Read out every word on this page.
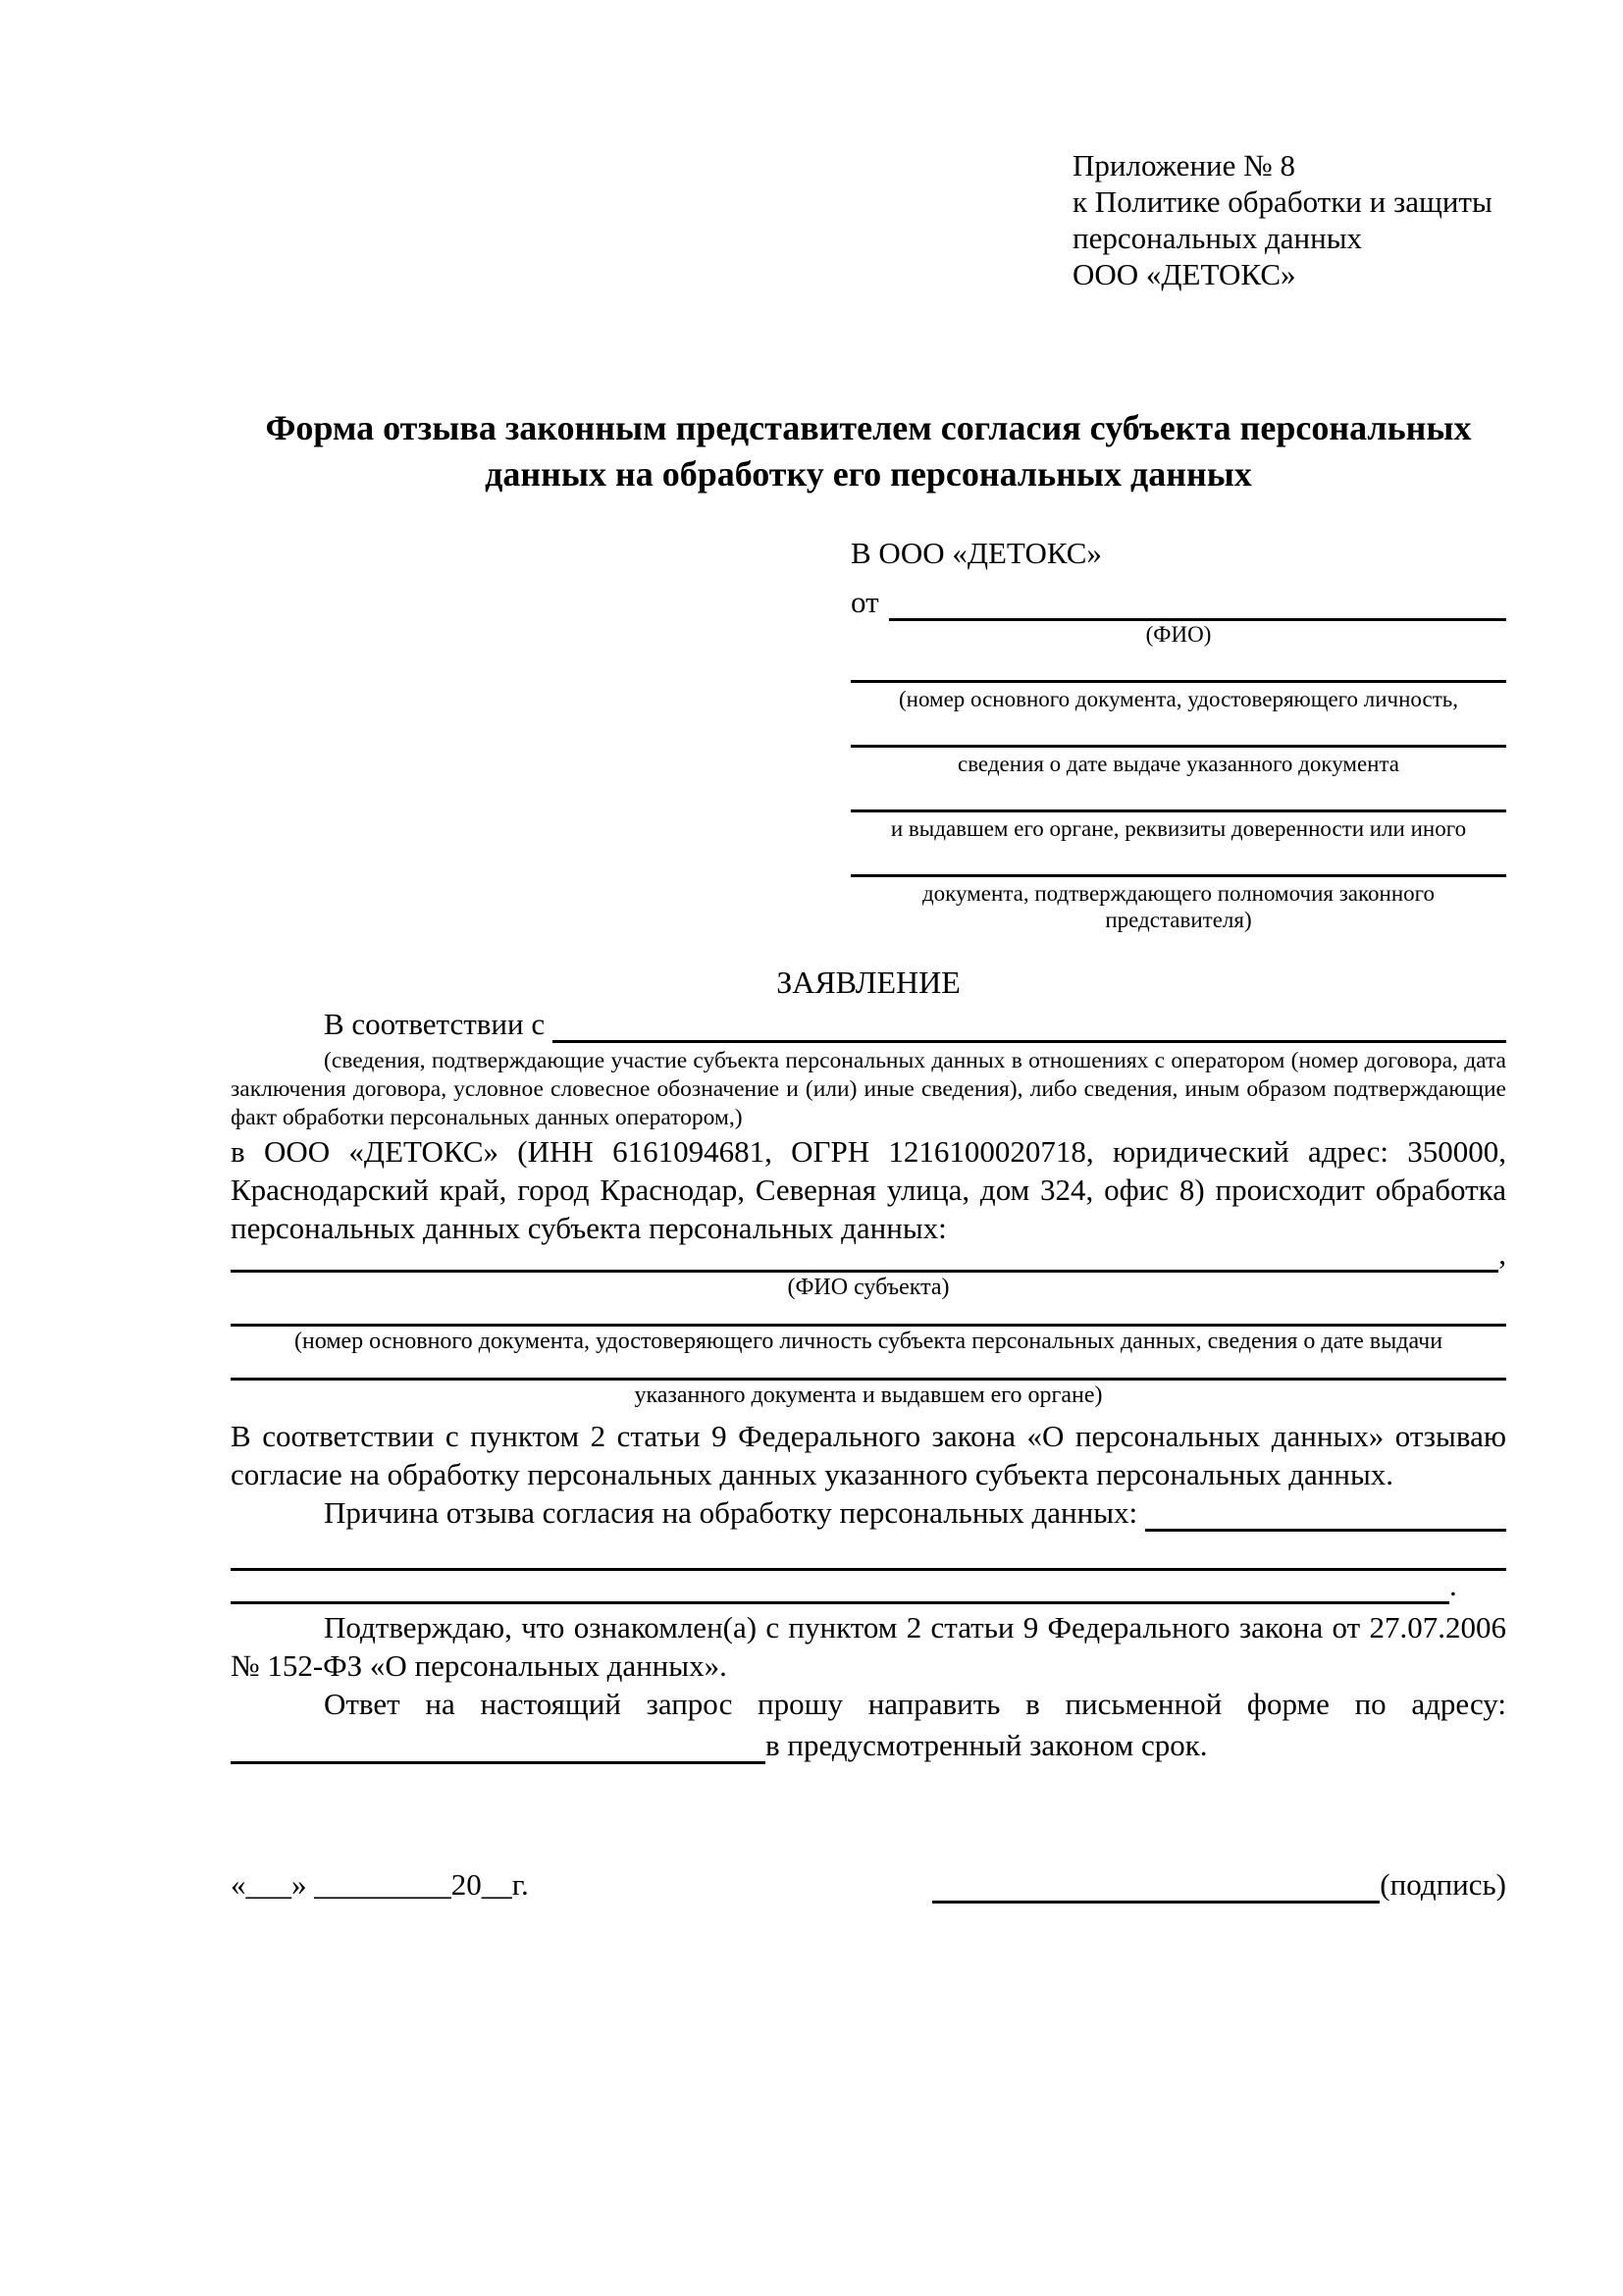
Приложение № 8
к Политике обработки и защиты
персональных данных
ООО «ДЕТОКС»
Форма отзыва законным представителем согласия субъекта персональных данных на обработку его персональных данных
В ООО «ДЕТОКС»
от
(ФИО)
(номер основного документа, удостоверяющего личность,
сведения о дате выдаче указанного документа
и выдавшем его органе, реквизиты доверенности или иного
документа, подтверждающего полномочия законного представителя)
ЗАЯВЛЕНИЕ
В соответствии с
(сведения, подтверждающие участие субъекта персональных данных в отношениях с оператором (номер договора, дата заключения договора, условное словесное обозначение и (или) иные сведения), либо сведения, иным образом подтверждающие факт обработки персональных данных оператором,)

в ООО «ДЕТОКС» (ИНН 6161094681, ОГРН 1216100020718, юридический адрес: 350000, Краснодарский край, город Краснодар, Северная улица, дом 324, офис 8) происходит обработка персональных данных субъекта персональных данных:

,
(ФИО субъекта)
(номер основного документа, удостоверяющего личность субъекта персональных данных, сведения о дате выдачи
указанного документа и выдавшем его органе)

В соответствии с пунктом 2 статьи 9 Федерального закона «О персональных данных» отзываю согласие на обработку персональных данных указанного субъекта персональных данных.

Причина отзыва согласия на обработку персональных данных:
.

Подтверждаю, что ознакомлен(а) с пунктом 2 статьи 9 Федерального закона от 27.07.2006 № 152-ФЗ «О персональных данных».

Ответ на настоящий запрос прошу направить в письменной форме по адресу:

в предусмотренный законом срок.
«___» _________20__г.	(подпись)
